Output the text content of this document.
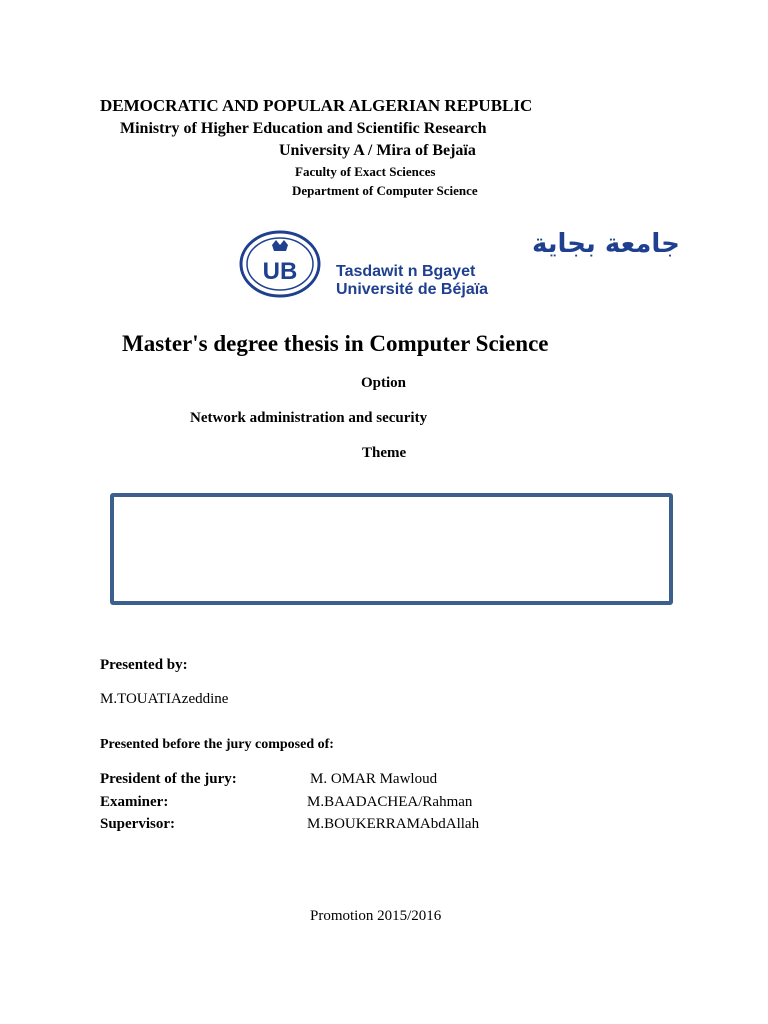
DEMOCRATIC AND POPULAR ALGERIAN REPUBLIC
Ministry of Higher Education and Scientific Research
University A / Mira of Bejaïa
Faculty of Exact Sciences
Department of Computer Science
UB
جامعة بجاية
Tasdawit n Bgayet
Université de Béjaïa
Master's degree thesis in Computer Science
Option
Network administration and security
Theme
Presented by:
M.TOUATIAzeddine
Presented before the jury composed of:
President of the jury:	M. OMAR Mawloud
Examiner:	M.BAADACHEA/Rahman
Supervisor:	M.BOUKERRAMAbdAllah
Promotion 2015/2016
